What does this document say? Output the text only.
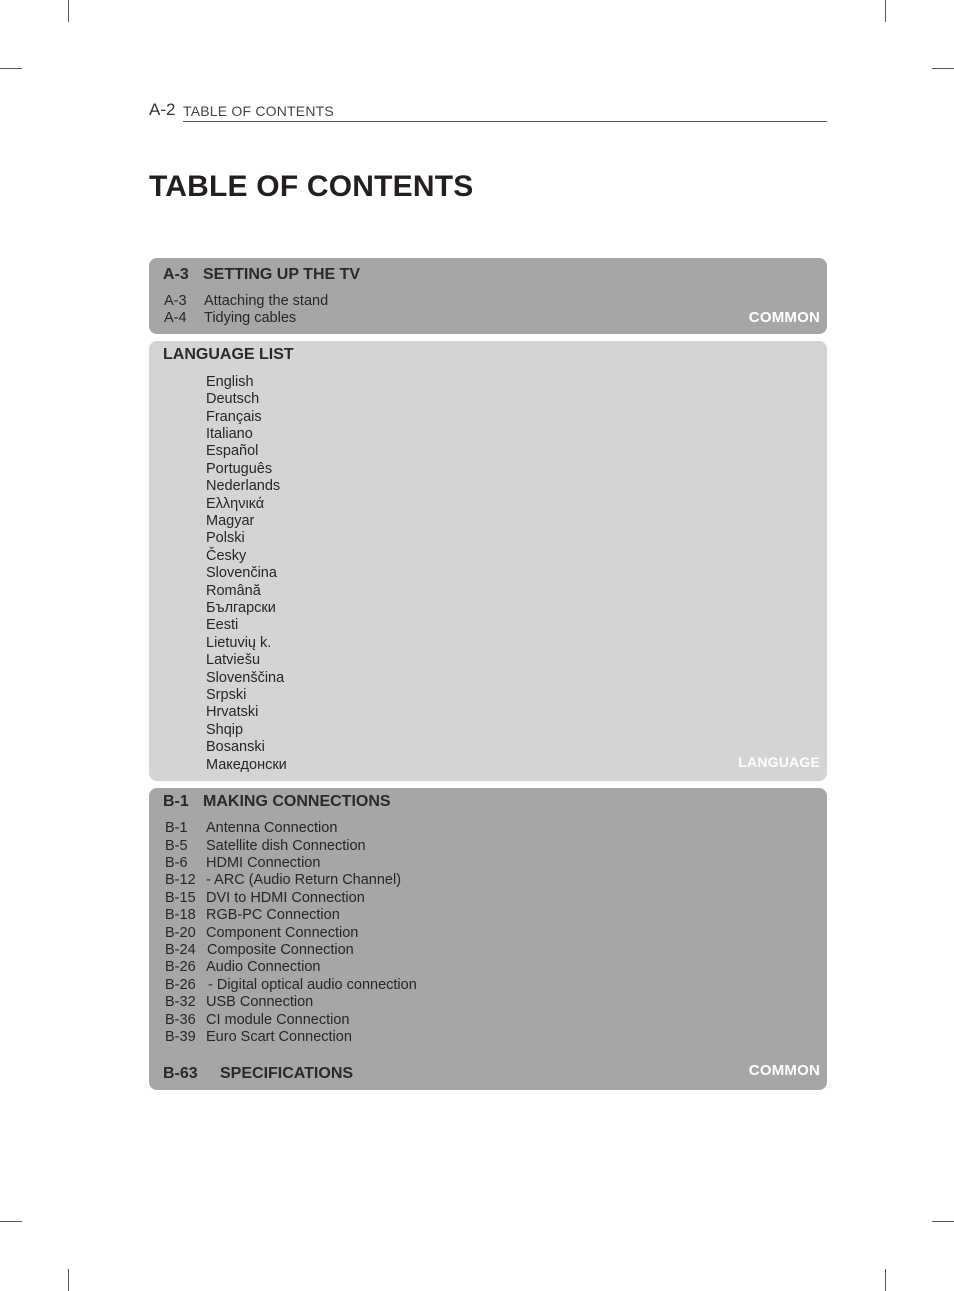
A-2 TABLE OF CONTENTS
TABLE OF CONTENTS
A-3 SETTING UP THE TV
A-3 Attaching the stand
A-4 Tidying cables	COMMON
LANGUAGE LIST
English
Deutsch
Français
Italiano
Español
Português
Nederlands
Ελληνικά
Magyar
Polski
Česky
Slovenčina
Română
Български
Eesti
Lietuvių k.
Latviešu
Slovenščina
Srpski
Hrvatski
Shqip
Bosanski
Македонски	LANGUAGE
B-1 MAKING CONNECTIONS
B-1 Antenna Connection
B-5 Satellite dish Connection
B-6 HDMI Connection
B-12 - ARC (Audio Return Channel)
B-15 DVI to HDMI Connection
B-18 RGB-PC Connection
B-20 Component Connection
B-24 Composite Connection
B-26 Audio Connection
B-26 - Digital optical audio connection
B-32 USB Connection
B-36 CI module Connection
B-39 Euro Scart Connection
B-63 SPECIFICATIONS	COMMON
